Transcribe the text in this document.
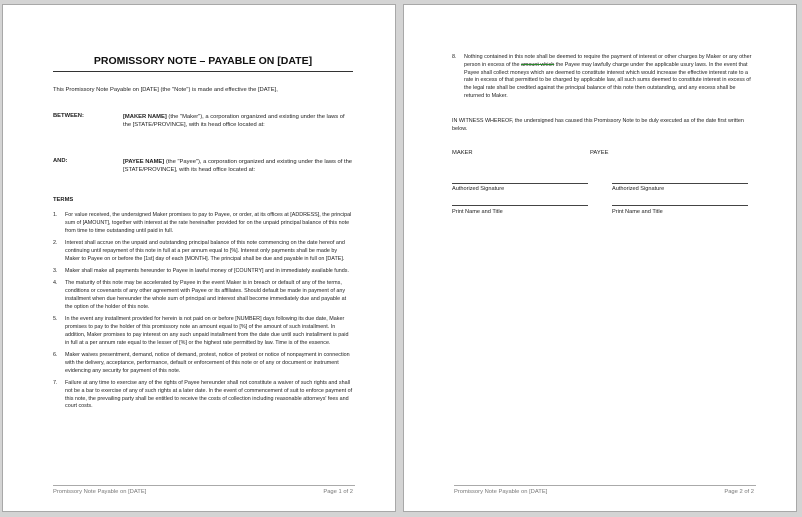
PROMISSORY NOTE – PAYABLE ON [DATE]
This Promissory Note Payable on [DATE] (the "Note") is made and effective the [DATE],
BETWEEN:	[MAKER NAME] (the "Maker"), a corporation organized and existing under the laws of the [STATE/PROVINCE], with its head office located at:
AND:	[PAYEE NAME] (the "Payee"), a corporation organized and existing under the laws of the [STATE/PROVINCE], with its head office located at:
TERMS
1. For value received, the undersigned Maker promises to pay to Payee, or order, at its offices at [ADDRESS], the principal sum of [AMOUNT], together with interest at the rate hereinafter provided for on the unpaid principal balance of this note from time to time outstanding until paid in full.
2. Interest shall accrue on the unpaid and outstanding principal balance of this note commencing on the date hereof and continuing until repayment of this note in full at a per annum equal to [%]. Interest only payments shall be made by Maker to Payee on or before the [1st] day of each [MONTH]. The principal shall be due and payable in full on [DATE].
3. Maker shall make all payments hereunder to Payee in lawful money of [COUNTRY] and in immediately available funds.
4. The maturity of this note may be accelerated by Payee in the event Maker is in breach or default of any of the terms, conditions or covenants of any other agreement with Payee or its affiliates. Should default be made in payment of any installment when due hereunder the whole sum of principal and interest shall become immediately due and payable at the option of the holder of this note.
5. In the event any installment provided for herein is not paid on or before [NUMBER] days following its due date, Maker promises to pay to the holder of this promissory note an amount equal to [%] of the amount of such installment. In addition, Maker promises to pay interest on any such unpaid installment from the date due until such installment is paid in full at a per annum rate equal to the lesser of [%] or the highest rate permitted by law. Time is of the essence.
6. Maker waives presentment, demand, notice of demand, protest, notice of protest or notice of nonpayment in connection with the delivery, acceptance, performance, default or enforcement of this note or of any or document or instrument evidencing any security for payment of this note.
7. Failure at any time to exercise any of the rights of Payee hereunder shall not constitute a waiver of such rights and shall not be a bar to exercise of any of such rights at a later date. In the event of commencement of suit to enforce payment of this note, the prevailing party shall be entitled to receive the costs of collection including reasonable attorneys' fees and court costs.
Promissory Note Payable on [DATE]	Page 1 of 2
8. Nothing contained in this note shall be deemed to require the payment of interest or other charges by Maker or any other person in excess of the amount which the Payee may lawfully charge under the applicable usury laws. In the event that Payee shall collect moneys which are deemed to constitute interest which would increase the effective interest rate to a rate in excess of that permitted to be charged by applicable law, all such sums deemed to constitute interest in excess of the legal rate shall be credited against the principal balance of this note then outstanding, and any excess shall be returned to Maker.
IN WITNESS WHEREOF, the undersigned has caused this Promissory Note to be duly executed as of the date first written below.
MAKER	PAYEE
Authorized Signature	Authorized Signature
Print Name and Title	Print Name and Title
Promissory Note Payable on [DATE]	Page 2 of 2
